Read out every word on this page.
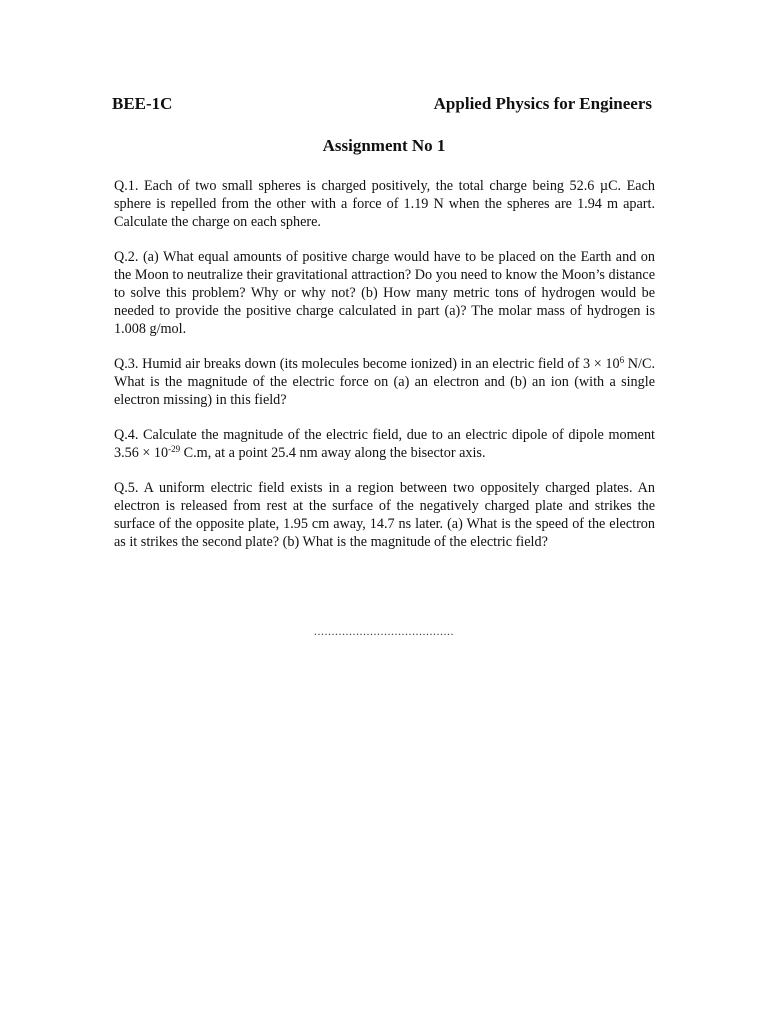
BEE-1C	Applied Physics for Engineers
Assignment No 1

Q.1. Each of two small spheres is charged positively, the total charge being 52.6 µC. Each sphere is repelled from the other with a force of 1.19 N when the spheres are 1.94 m apart. Calculate the charge on each sphere.

Q.2. (a) What equal amounts of positive charge would have to be placed on the Earth and on the Moon to neutralize their gravitational attraction? Do you need to know the Moon’s distance to solve this problem? Why or why not? (b) How many metric tons of hydrogen would be needed to provide the positive charge calculated in part (a)? The molar mass of hydrogen is 1.008 g/mol.

Q.3. Humid air breaks down (its molecules become ionized) in an electric field of $3 \times 10^6$ N/C. What is the magnitude of the electric force on (a) an electron and (b) an ion (with a single electron missing) in this field?

Q.4. Calculate the magnitude of the electric field, due to an electric dipole of dipole moment $3.56 \times 10^{-29}$ C.m, at a point 25.4 nm away along the bisector axis.

Q.5. A uniform electric field exists in a region between two oppositely charged plates. An electron is released from rest at the surface of the negatively charged plate and strikes the surface of the opposite plate, 1.95 cm away, 14.7 ns later. (a) What is the speed of the electron as it strikes the second plate? (b) What is the magnitude of the electric field?

........................................
